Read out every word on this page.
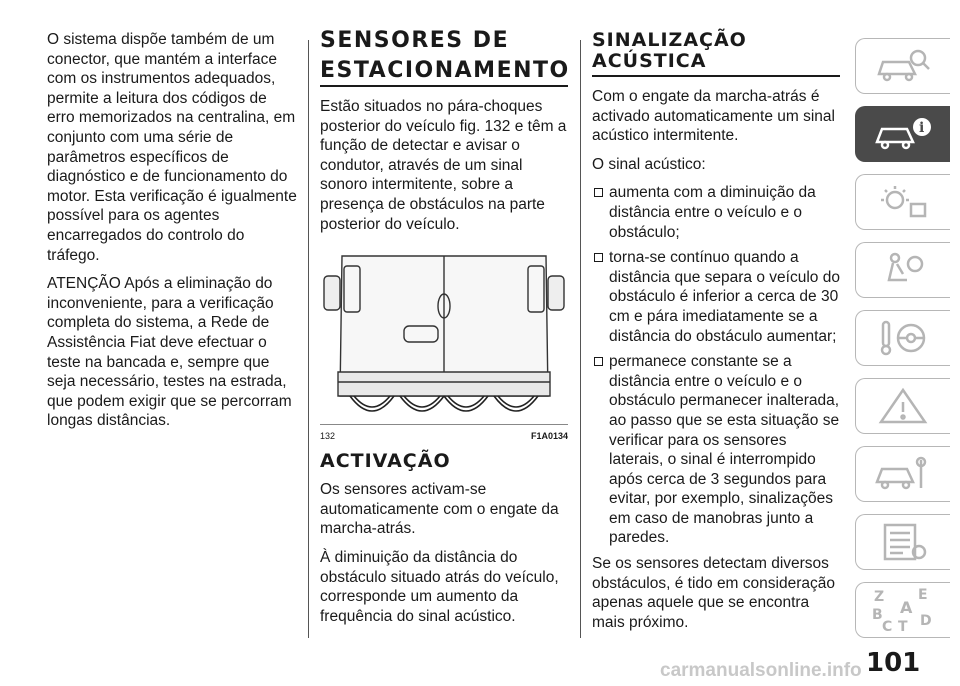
O sistema dispõe também de um conector, que mantém a interface com os instrumentos adequados, permite a leitura dos códigos de erro memorizados na centralina, em conjunto com uma série de parâmetros específicos de diagnóstico e de funcionamento do motor. Esta verificação é igualmente possível para os agentes encarregados do controlo do tráfego.

ATENÇÃO Após a eliminação do inconveniente, para a verificação completa do sistema, a Rede de Assistência Fiat deve efectuar o teste na bancada e, sempre que seja necessário, testes na estrada, que podem exigir que se percorram longas distâncias.

SENSORES DE
ESTACIONAMENTO

Estão situados no pára-choques posterior do veículo fig. 132 e têm a função de detectar e avisar o condutor, através de um sinal sonoro intermitente, sobre a presença de obstáculos na parte posterior do veículo.

132	F1A0134
ACTIVAÇÃO

Os sensores activam-se automaticamente com o engate da marcha-atrás.

À diminuição da distância do obstáculo situado atrás do veículo, corresponde um aumento da frequência do sinal acústico.

SINALIZAÇÃO ACÚSTICA

Com o engate da marcha-atrás é activado automaticamente um sinal acústico intermitente.

O sinal acústico:

aumenta com a diminuição da distância entre o veículo e o obstáculo;
torna-se contínuo quando a distância que separa o veículo do obstáculo é inferior a cerca de 30 cm e pára imediatamente se a distância do obstáculo aumentar;
permanece constante se a distância entre o veículo e o obstáculo permanecer inalterada, ao passo que se esta situação se verificar para os sensores laterais, o sinal é interrompido após cerca de 3 segundos para evitar, por exemplo, sinalizações em caso de manobras junto a paredes.

Se os sensores detectam diversos obstáculos, é tido em consideração apenas aquele que se encontra mais próximo.

i
Z E
A
B
C T D
101
carmanualsonline.info
